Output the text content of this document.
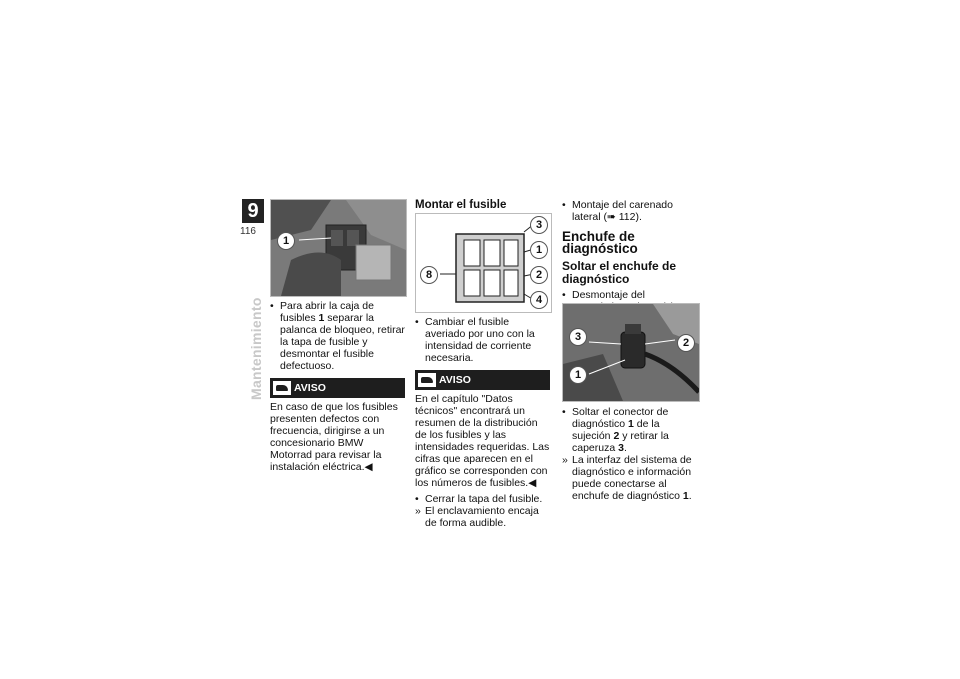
9
116
Mantenimiento
1

• Para abrir la caja de fusibles 1 separar la palanca de bloqueo, retirar la tapa de fusible y desmontar el fusible defectuoso.

AVISO

En caso de que los fusibles presenten defectos con frecuencia, dirigirse a un concesionario BMW Motorrad para revisar la instalación eléctrica.◀

Montar el fusible
3
1
2
4
8

• Cambiar el fusible averiado por uno con la intensidad de corriente necesaria.

AVISO

En el capítulo "Datos técnicos" encontrará un resumen de la distribución de los fusibles y las intensidades requeridas. Las cifras que aparecen en el gráfico se corresponden con los números de fusibles.◀

• Cerrar la tapa del fusible.

» El enclavamiento encaja de forma audible.

• Montaje del carenado lateral (➠ 112).

Enchufe de diagnóstico
Soltar el enchufe de diagnóstico

• Desmontaje del

3	2
1

• Soltar el conector de diagnóstico 1 de la sujeción 2 y retirar la caperuza 3.

» La interfaz del sistema de diagnóstico e información puede conectarse al enchufe de diagnóstico 1.
